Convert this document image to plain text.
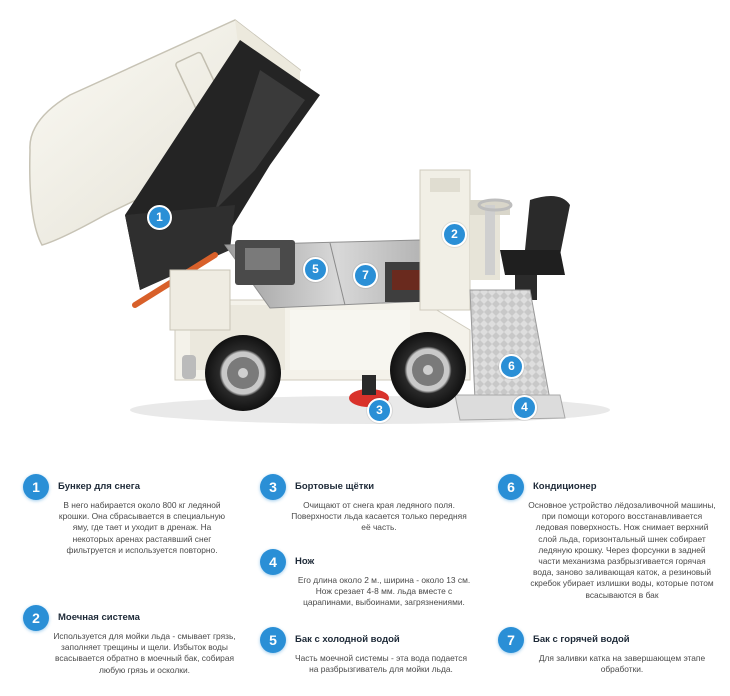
1
2
3	4
5
6
7
1	Бункер для снега
В него набирается около 800 кг ледяной крошки. Она сбрасывается в специальную яму, где тает и уходит в дренаж. На некоторых аренах растаявший снег фильтруется и используется повторно.
2	Моечная система
Используется для мойки льда - смывает грязь, заполняет трещины и щели. Избыток воды всасывается обратно в моечный бак, собирая любую грязь и осколки.
3	Бортовые щётки
Очищают от снега края ледяного поля. Поверхности льда касается только передняя её часть.
4	Нож
Его длина около 2 м., ширина - около 13 см. Нож срезает 4-8 мм. льда вместе с царапинами, выбоинами, загрязнениями.
5	Бак с холодной водой
Часть моечной системы - эта вода подается на разбрызгиватель для мойки льда.
6	Кондиционер
Основное устройство лёдозаливочной машины, при помощи которого восстанавливается ледовая поверхность. Нож снимает верхний слой льда, горизонтальный шнек собирает ледяную крошку. Через форсунки в задней части механизма разбрызгивается горячая вода, заново заливающая каток, а резиновый скребок убирает излишки воды, которые потом всасываются в бак
7	Бак с горячей водой
Для заливки катка на завершающем этапе обработки.
